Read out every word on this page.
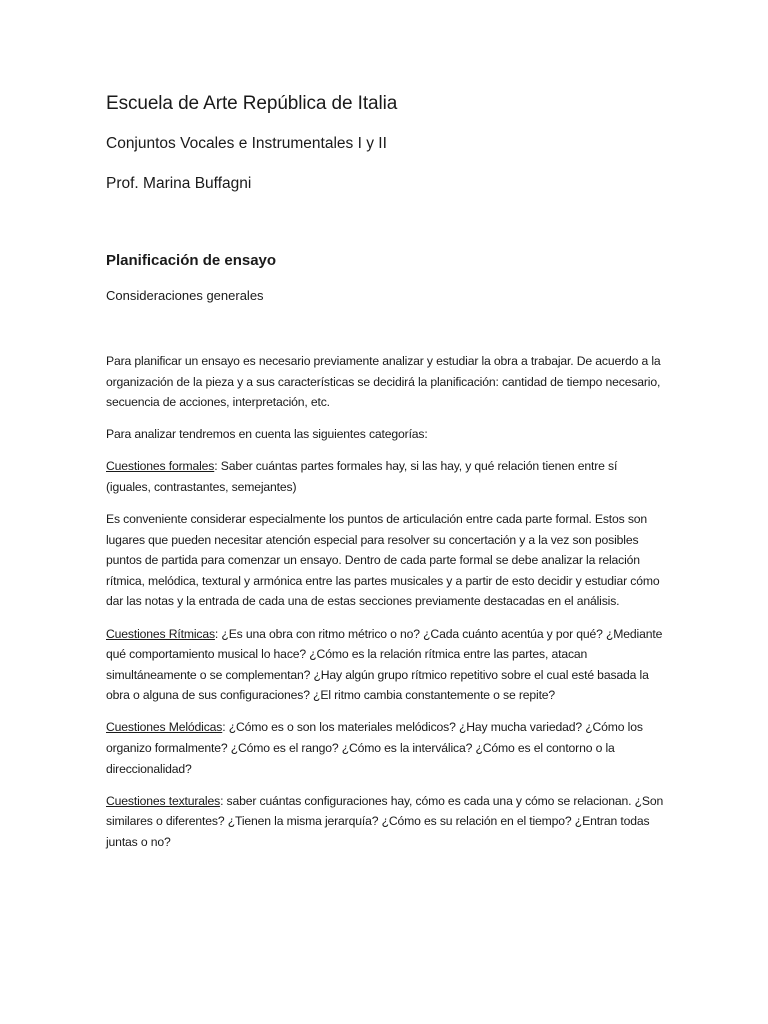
Escuela de Arte República de Italia
Conjuntos Vocales e Instrumentales I y II
Prof. Marina Buffagni
Planificación de ensayo
Consideraciones generales

Para planificar un ensayo es necesario previamente analizar y estudiar la obra a trabajar. De acuerdo a la organización de la pieza y a sus características se decidirá la planificación: cantidad de tiempo necesario, secuencia de acciones, interpretación, etc.

Para analizar tendremos en cuenta las siguientes categorías:

Cuestiones formales: Saber cuántas partes formales hay, si las hay, y qué relación tienen entre sí (iguales, contrastantes, semejantes)

Es conveniente considerar especialmente los puntos de articulación entre cada parte formal. Estos son lugares que pueden necesitar atención especial para resolver su concertación y a la vez son posibles puntos de partida para comenzar un ensayo. Dentro de cada parte formal se debe analizar la relación rítmica, melódica, textural y armónica entre las partes musicales y a partir de esto decidir y estudiar cómo dar las notas y la entrada de cada una de estas secciones previamente destacadas en el análisis.

Cuestiones Rítmicas: ¿Es una obra con ritmo métrico o no? ¿Cada cuánto acentúa y por qué? ¿Mediante qué comportamiento musical lo hace? ¿Cómo es la relación rítmica entre las partes, atacan simultáneamente o se complementan? ¿Hay algún grupo rítmico repetitivo sobre el cual esté basada la obra o alguna de sus configuraciones? ¿El ritmo cambia constantemente o se repite?

Cuestiones Melódicas: ¿Cómo es o son los materiales melódicos? ¿Hay mucha variedad? ¿Cómo los organizo formalmente? ¿Cómo es el rango? ¿Cómo es la interválica? ¿Cómo es el contorno o la direccionalidad?

Cuestiones texturales: saber cuántas configuraciones hay, cómo es cada una y cómo se relacionan. ¿Son similares o diferentes? ¿Tienen la misma jerarquía? ¿Cómo es su relación en el tiempo? ¿Entran todas juntas o no?
